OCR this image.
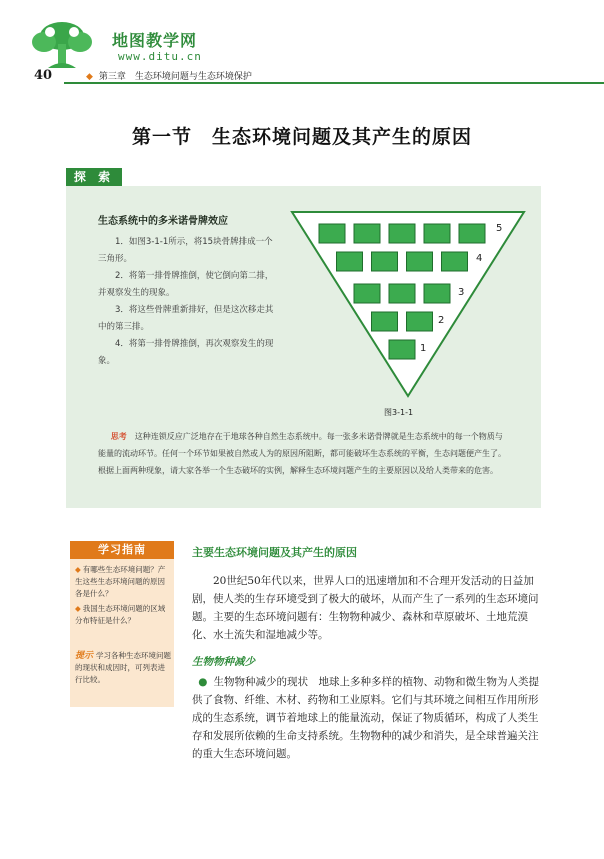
地图教学网
www.ditu.cn
40	◆ 第三章　生态环境问题与生态环境保护
第一节　生态环境问题及其产生的原因
探 索
生态系统中的多米诺骨牌效应

1．如图3-1-1所示，将15块骨牌排成一个三角形。

2．将第一排骨牌推倒，使它倒向第二排，并观察发生的现象。

3．将这些骨牌重新排好，但是这次移走其中的第三排。

4．将第一排骨牌推倒，再次观察发生的现象。

5
4
3
2
1
图3-1-1

思考　 这种连锁反应广泛地存在于地球各种自然生态系统中。每一张多米诺骨牌就是生态系统中的每一个物质与能量的流动环节。任何一个环节如果被自然或人为的原因所阻断，都可能破坏生态系统的平衡，生态问题便产生了。根据上面两种现象，请大家各举一个生态破坏的实例，解释生态环境问题产生的主要原因以及给人类带来的危害。

学习指南
◆ 有哪些生态环境问题？产生这些生态环境问题的原因各是什么？
◆ 我国生态环境问题的区域分布特征是什么？
提示 学习各种生态环境问题的现状和成因时，可列表进行比较。
主要生态环境问题及其产生的原因

20世纪50年代以来，世界人口的迅速增加和不合理开发活动的日益加剧，使人类的生存环境受到了极大的破坏，从而产生了一系列的生态环境问题。主要的生态环境问题有：生物物种减少、森林和草原破坏、土地荒漠化、水土流失和湿地减少等。

生物物种减少

● 生物物种减少的现状　地球上多种多样的植物、动物和微生物为人类提供了食物、纤维、木材、药物和工业原料。它们与其环境之间相互作用所形成的生态系统，调节着地球上的能量流动，保证了物质循环，构成了人类生存和发展所依赖的生命支持系统。生物物种的减少和消失，是全球普遍关注的重大生态环境问题。
